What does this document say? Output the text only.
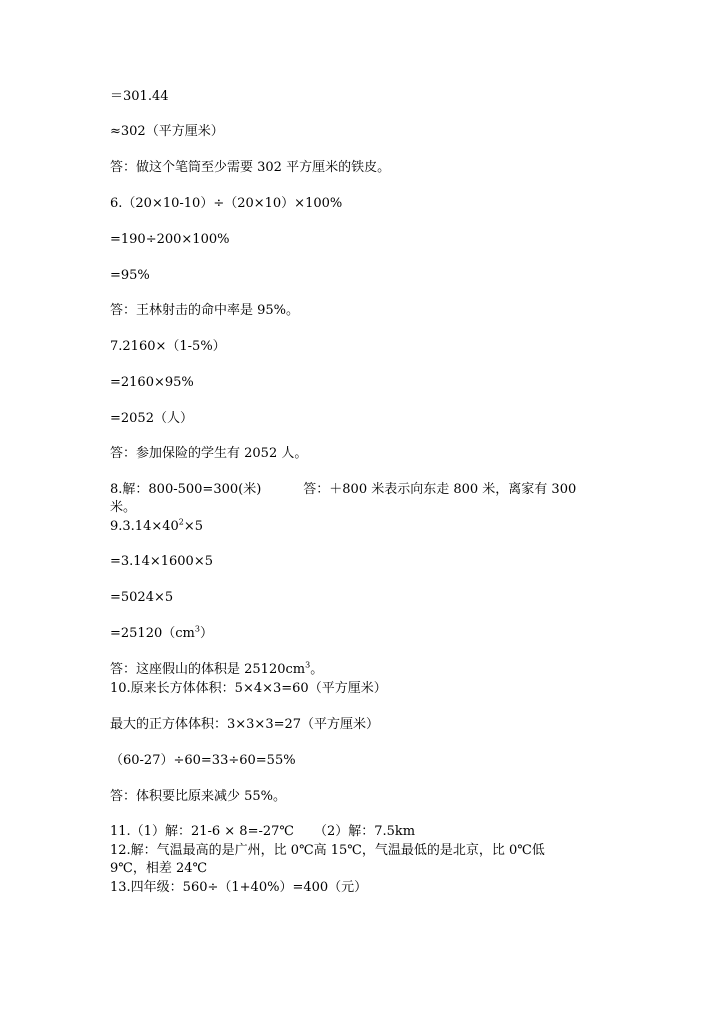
＝301.44
≈302（平方厘米）
答：做这个笔筒至少需要 302 平方厘米的铁皮。
6.（20×10-10）÷（20×10）×100%
=190÷200×100%
=95%
答：王林射击的命中率是 95%。
7.2160×（1-5%）
=2160×95%
=2052（人）
答：参加保险的学生有 2052 人。
8.解：800-500=300(米)	答：＋800 米表示向东走 800 米，离家有 300
米。
$9.3.14\times 40^2\times 5$
=3.14×1600×5
=5024×5
$=25120(cm^3)$
答：这座假山的体积是 $25120cm^3$。
10.原来长方体体积：5×4×3=60（平方厘米）
最大的正方体体积：3×3×3=27（平方厘米）
（60-27）÷60=33÷60=55%
答：体积要比原来减少 55%。
11.（1）解：21-6 × 8=-27℃ （2）解：7.5km
12.解：气温最高的是广州，比 0℃高 15℃，气温最低的是北京，比 0℃低
9℃，相差 24℃
13.四年级：560÷（1+40%）=400（元）
